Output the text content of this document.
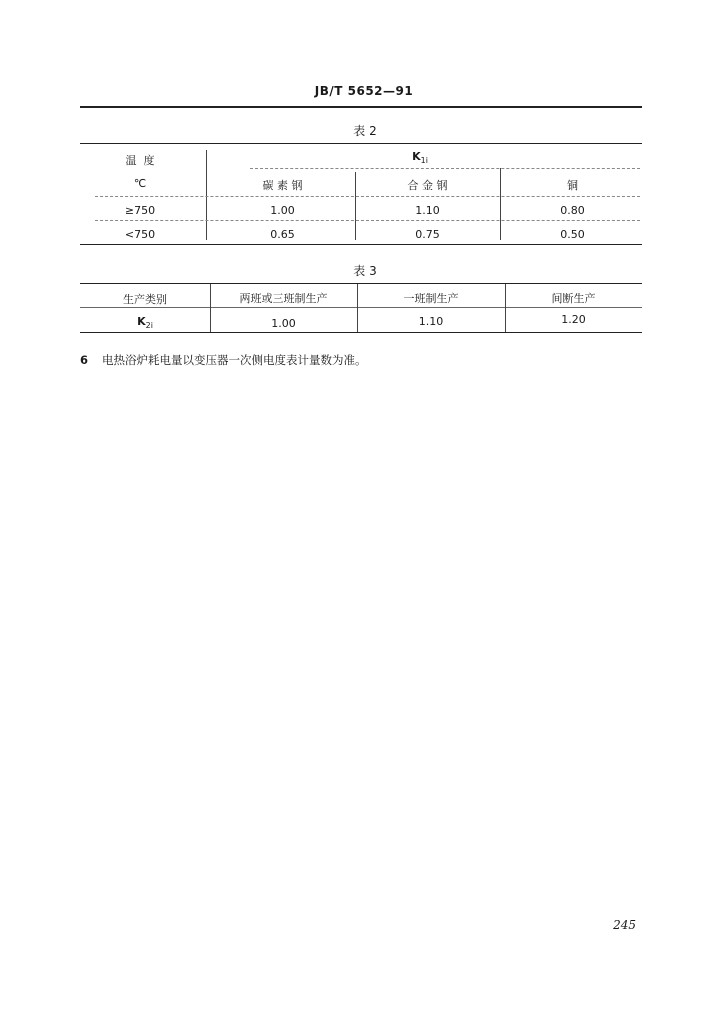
JB/T 5652—91
表 2
温  度
℃
$K_{1i}$
碳 素 钢	合 金 钢	铜
≥750	1.00	1.10	0.80
<750	0.65	0.75	0.50
表 3
生产类别	两班或三班制生产	一班制生产	间断生产
$K_{2i}$	1.00	1.10	1.20
6 电热浴炉耗电量以变压器一次侧电度表计量数为准。
245
